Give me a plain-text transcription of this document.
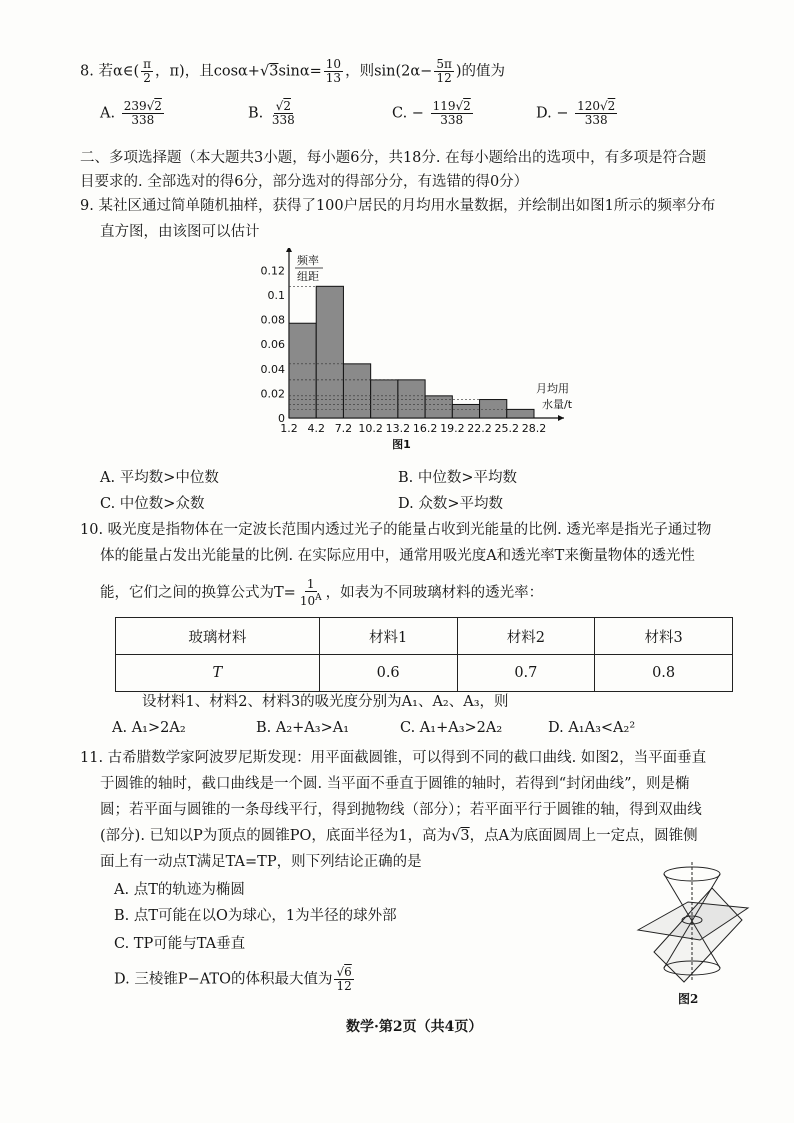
8. 若α∈( $\frac{\pi}{2}$ ，π)，且$\cos\alpha+√3\sin\alpha= \frac{10}{13}$ ，则$\sin(2\alpha- \frac{5\pi}{12}$ )的值为
A. $\frac{239√2}{338}$	B. $\frac{√2}{338}$	C. − $\frac{119√2}{338}$	D. − $\frac{120√2}{338}$
二、多项选择题（本大题共3小题，每小题6分，共18分. 在每小题给出的选项中，有多项是符合题
目要求的. 全部选对的得6分，部分选对的得部分分，有选错的得0分）
9. 某社区通过简单随机抽样，获得了100户居民的月均用水量数据，并绘制出如图1所示的频率分布
直方图，由该图可以估计
0
0.02
0.04
0.06
0.08
0.1
0.12
1.2 4.2 7.2 10.2 13.2 16.2 19.2 22.2 25.2 28.2
频率
组距
月均用
水量/t
图1
A. 平均数>中位数	B. 中位数>平均数
C. 中位数>众数	D. 众数>平均数
10. 吸光度是指物体在一定波长范围内透过光子的能量占收到光能量的比例. 透光率是指光子通过物
体的能量占发出光能量的比例. 在实际应用中，通常用吸光度A和透光率T来衡量物体的透光性
能，它们之间的换算公式为$T= \frac{1}{10^A}$ ，如表为不同玻璃材料的透光率：
玻璃材料	材料1	材料2	材料3
T	0.6	0.7	0.8
设材料1、材料2、材料3的吸光度分别为A₁、A₂、A₃，则
A. A₁>2A₂	B. A₂+A₃>A₁	C. A₁+A₃>2A₂	D. A₁A₃<A₂²
11. 古希腊数学家阿波罗尼斯发现：用平面截圆锥，可以得到不同的截口曲线. 如图2，当平面垂直
于圆锥的轴时，截口曲线是一个圆. 当平面不垂直于圆锥的轴时，若得到“封闭曲线”，则是椭
圆；若平面与圆锥的一条母线平行，得到抛物线（部分）；若平面平行于圆锥的轴，得到双曲线
(部分). 已知以P为顶点的圆锥PO，底面半径为1，高为√3，点A为底面圆周上一定点，圆锥侧
面上有一动点T满足TA=TP，则下列结论正确的是
A. 点T的轨迹为椭圆
B. 点T可能在以O为球心，1为半径的球外部
C. TP可能与TA垂直
D. 三棱锥P−ATO的体积最大值为 $\frac{√6}{12}$
图2
数学·第2页（共4页）
